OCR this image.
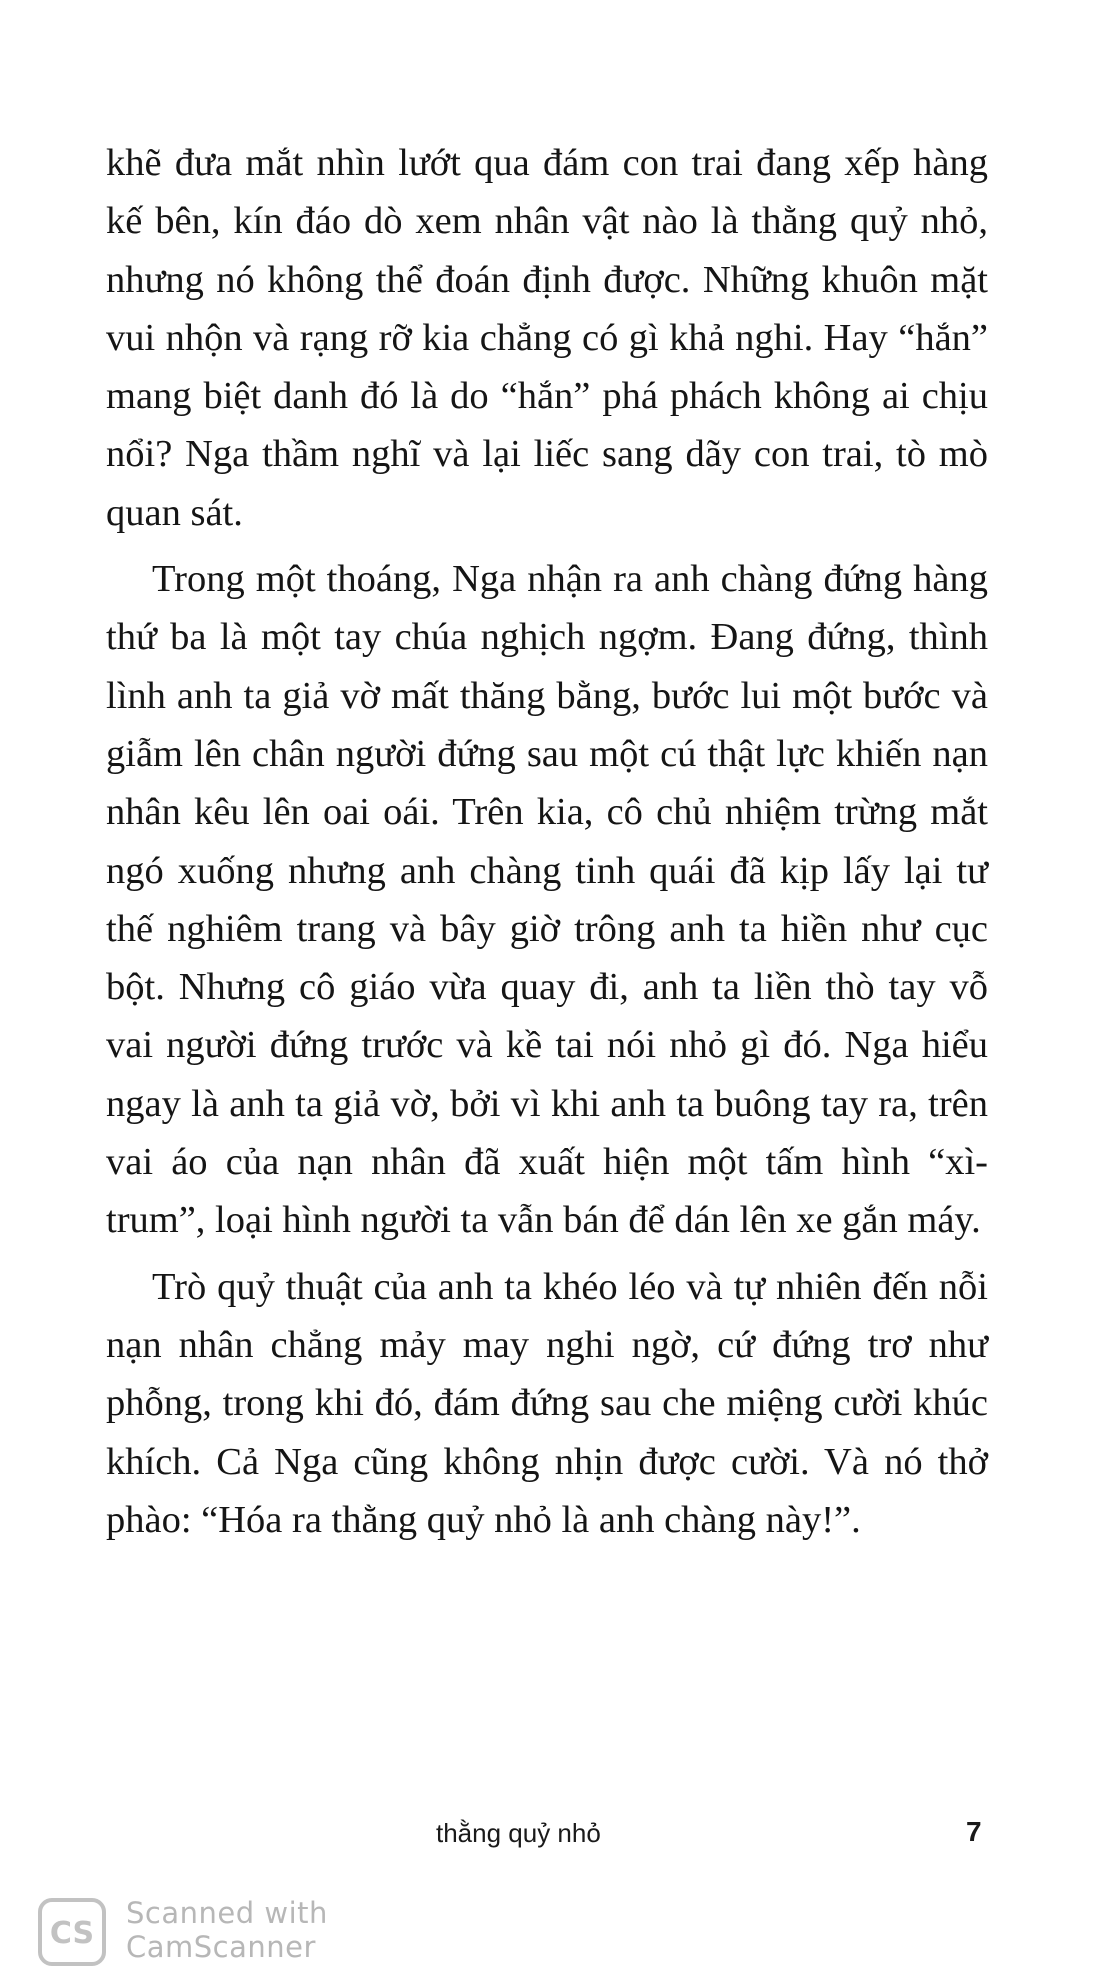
khẽ đưa mắt nhìn lướt qua đám con trai đang xếp hàng kế bên, kín đáo dò xem nhân vật nào là thằng quỷ nhỏ, nhưng nó không thể đoán định được. Những khuôn mặt vui nhộn và rạng rỡ kia chẳng có gì khả nghi. Hay “hắn” mang biệt danh đó là do “hắn” phá phách không ai chịu nổi? Nga thầm nghĩ và lại liếc sang dãy con trai, tò mò quan sát.

Trong một thoáng, Nga nhận ra anh chàng đứng hàng thứ ba là một tay chúa nghịch ngợm. Đang đứng, thình lình anh ta giả vờ mất thăng bằng, bước lui một bước và giẫm lên chân người đứng sau một cú thật lực khiến nạn nhân kêu lên oai oái. Trên kia, cô chủ nhiệm trừng mắt ngó xuống nhưng anh chàng tinh quái đã kịp lấy lại tư thế nghiêm trang và bây giờ trông anh ta hiền như cục bột. Nhưng cô giáo vừa quay đi, anh ta liền thò tay vỗ vai người đứng trước và kề tai nói nhỏ gì đó. Nga hiểu ngay là anh ta giả vờ, bởi vì khi anh ta buông tay ra, trên vai áo của nạn nhân đã xuất hiện một tấm hình “xì-trum”, loại hình người ta vẫn bán để dán lên xe gắn máy.

Trò quỷ thuật của anh ta khéo léo và tự nhiên đến nỗi nạn nhân chẳng mảy may nghi ngờ, cứ đứng trơ như phỗng, trong khi đó, đám đứng sau che miệng cười khúc khích. Cả Nga cũng không nhịn được cười. Và nó thở phào: “Hóa ra thằng quỷ nhỏ là anh chàng này!”.

thằng quỷ nhỏ	7
CS
Scanned with
CamScanner
